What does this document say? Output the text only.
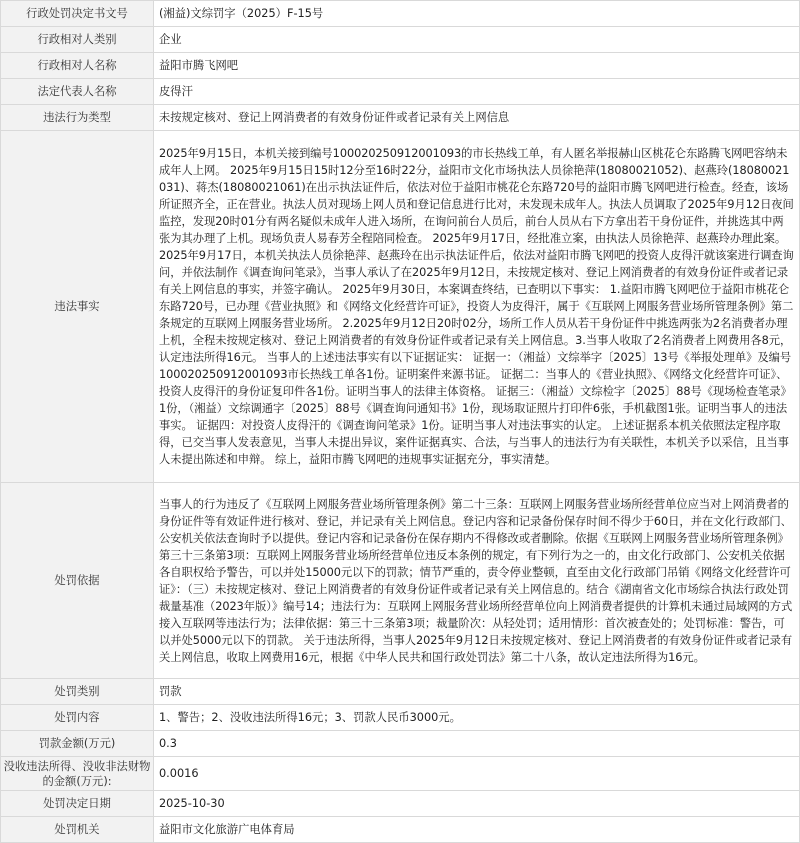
行政处罚决定书文号	(湘益)文综罚字（2025）F-15号
行政相对人类别	企业
行政相对人名称	益阳市腾飞网吧
法定代表人名称	皮得汗
违法行为类型	未按规定核对、登记上网消费者的有效身份证件或者记录有关上网信息
违法事实	2025年9月15日，本机关接到编号10002025091200109​3的市长热线工单，有人匿名举报赫山区桃花仑东路腾飞网吧容纳未成年人上网。 2025年9月15日15时12分至16时22分，益阳市文化市场执法人员徐艳萍(18080021052)、赵燕玲(18080021031)、蒋杰(18080021061)在出示执法证件后，依法对位于益阳市桃花仑东路720号的益阳市腾飞网吧进行检查。经查，该场所证照齐全，正在营业。执法人员对现场上网人员和登记信息进行比对，未发现未成年人。执法人员调取了2025年9月12日夜间监控，发现20时01分有两名疑似未成年人进入场所，在询问前台人员后，前台人员从右下方拿出若干身份证件，并挑选其中两张为其办理了上机。现场负责人易春芳全程陪同检查。 2025年9月17日，经批准立案，由执法人员徐艳萍、赵燕玲办理此案。 2025年9月17日，本机关执法人员徐艳萍、赵燕玲在出示执法证件后，依法对益阳市腾飞网吧的投资人皮得汗就该案进行调查询问，并依法制作《调查询问笔录》，当事人承认了在2025年9月12日，未按规定核对、登记上网消费者的有效身份证件或者记录有关上网信息的事实，并签字确认。 2025年9月30日，本案调查终结，已查明以下事实： 1.益阳市腾飞网吧位于益阳市桃花仑东路720号，已办理《营业执照》和《网络文化经营许可证》，投资人为皮得汗，属于《互联网上网服务营业场所管理条例》第二条规定的互联网上网服务营业场所。 2.2025年9月12日20时02分，场所工作人员从若干身份证件中挑选两张为2名消费者办理上机，全程未按规定核对、登记上网消费者的有效身份证件或者记录有关上网信息。3.当事人收取了2名消费者上网费用各8元，认定违法所得16元。 当事人的上述违法事实有以下证据证实： 证据一：（湘益）文综举字〔2025〕13号《举报处理单》及编号10002025091200109​3市长热线工单各1份。证明案件来源书证。 证据二：当事人的《营业执照》、《网络文化经营许可证》、投资人皮得汗的身份证复印件各1份。证明当事人的法律主体资格。 证据三：（湘益）文综检字〔2025〕88号《现场检查笔录》1份，（湘益）文综调通字〔2025〕88号《调查询问通知书》1份，现场取证照片打印件6张，手机截图1张。证明当事人的违法事实。 证据四：对投资人皮得汗的《调查询问笔录》1份。证明当事人对违法事实的认定。 上述证据系本机关依照法定程序取得，已交当事人发表意见，当事人未提出异议，案件证据真实、合法，与当事人的违法行为有关联性，本机关予以采信，且当事人未提出陈述和申辩。 综上，益阳市腾飞网吧的违规事实证据充分，事实清楚。
处罚依据	当事人的行为违反了《互联网上网服务营业场所管理条例》第二十三条：互联网上网服务营业场所经营单位应当对上网消费者的身份证件等有效证件进行核对、登记，并记录有关上网信息。登记内容和记录备份保存时间不得少于60日，并在文化行政部门、公安机关依法查询时予以提供。登记内容和记录备份在保存期内不得修改或者删除。依据《互联网上网服务营业场所管理条例》第三十三条第3项：互联网上网服务营业场所经营单位违反本条例的规定，有下列行为之一的，由文化行政部门、公安机关依据各自职权给予警告，可以并处15000元以下的罚款；情节严重的，责令停业整顿，直至由文化行政部门吊销《网络文化经营许可证》：（三）未按规定核对、登记上网消费者的有效身份证件或者记录有关上网信息的。结合《湖南省文化市场综合执法行政处罚裁量基准（2023年版）》编号14；违法行为：互联网上网服务营业场所经营单位向上网消费者提供的计算机未通过局域网的方式接入互联网等违法行为；法律依据：第三十三条第3项；裁量阶次：从轻处罚；适用情形：首次被查处的；处罚标准：警告，可以并处5000元以下的罚款。 关于违法所得，当事人2025年9月12日未按规定核对、登记上网消费者的有效身份证件或者记录有关上网信息，收取上网费用16元，根据《中华人民共和国行政处罚法》第二十八条，故认定违法所得为16元。
处罚类别	罚款
处罚内容	1、警告；2、没收违法所得16元；3、罚款人民币3000元。
罚款金额(万元)	0.3
没收违法所得、没收非法财物的金额(万元):	0.0016
处罚决定日期	2025-10-30
处罚机关	益阳市文化旅游广电体育局
